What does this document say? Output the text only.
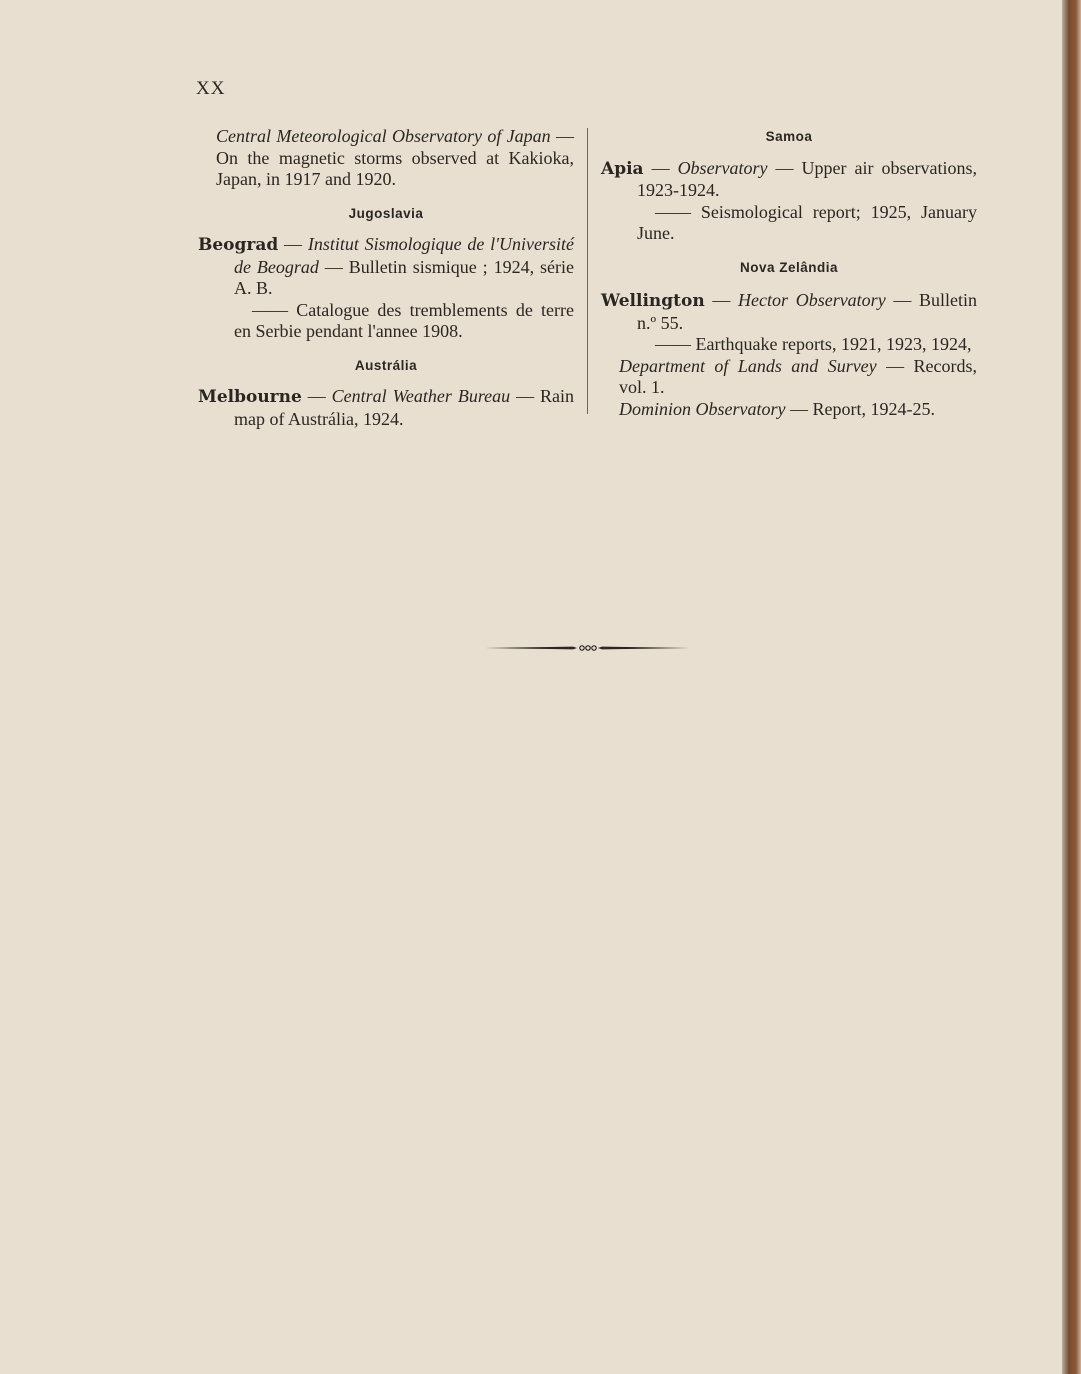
XX

Central Meteorological Observatory of Japan — On the magnetic storms observed at Kakioka, Japan, in 1917 and 1920.

Jugoslavia

Beograd — Institut Sismologique de l'Université de Beograd — Bulletin sismique ; 1924, série A. B.

—— Catalogue des tremblements de terre en Serbie pendant l'annee 1908.

Austrália

Melbourne — Central Weather Bureau — Rain map of Austrália, 1924.

Samoa

Apia — Observatory — Upper air observations, 1923-1924.

—— Seismological report; 1925, January June.

Nova Zelândia

Wellington — Hector Observatory — Bulletin n.º 55.

—— Earthquake reports, 1921, 1923, 1924,

Department of Lands and Survey — Records, vol. 1.

Dominion Observatory — Report, 1924-25.
